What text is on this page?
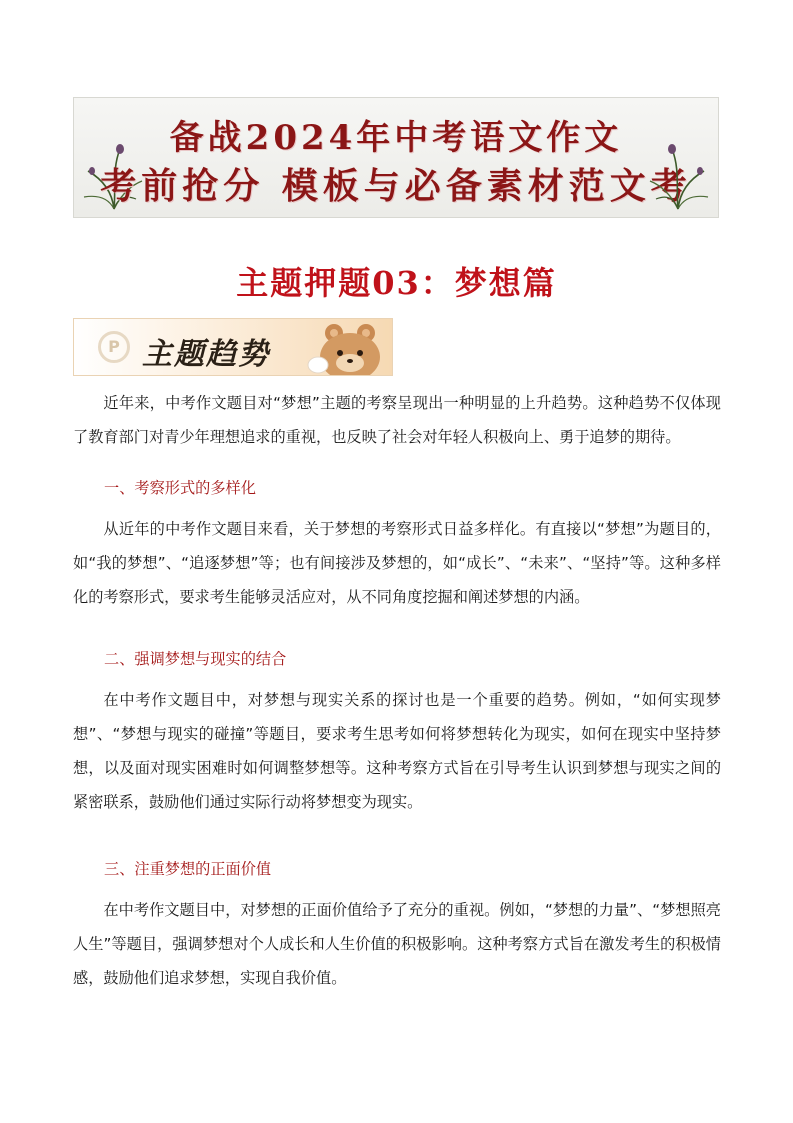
备战2024年中考语文作文
考前抢分 模板与必备素材范文考
主题押题03：梦想篇
P 主题趋势

近年来，中考作文题目对“梦想”主题的考察呈现出一种明显的上升趋势。这种趋势不仅体现了教育部门对青少年理想追求的重视，也反映了社会对年轻人积极向上、勇于追梦的期待。

一、考察形式的多样化

从近年的中考作文题目来看，关于梦想的考察形式日益多样化。有直接以“梦想”为题目的，如“我的梦想”、“追逐梦想”等；也有间接涉及梦想的，如“成长”、“未来”、“坚持”等。这种多样化的考察形式，要求考生能够灵活应对，从不同角度挖掘和阐述梦想的内涵。

二、强调梦想与现实的结合

在中考作文题目中，对梦想与现实关系的探讨也是一个重要的趋势。例如，“如何实现梦想”、“梦想与现实的碰撞”等题目，要求考生思考如何将梦想转化为现实，如何在现实中坚持梦想，以及面对现实困难时如何调整梦想等。这种考察方式旨在引导考生认识到梦想与现实之间的紧密联系，鼓励他们通过实际行动将梦想变为现实。

三、注重梦想的正面价值

在中考作文题目中，对梦想的正面价值给予了充分的重视。例如，“梦想的力量”、“梦想照亮人生”等题目，强调梦想对个人成长和人生价值的积极影响。这种考察方式旨在激发考生的积极情感，鼓励他们追求梦想，实现自我价值。
